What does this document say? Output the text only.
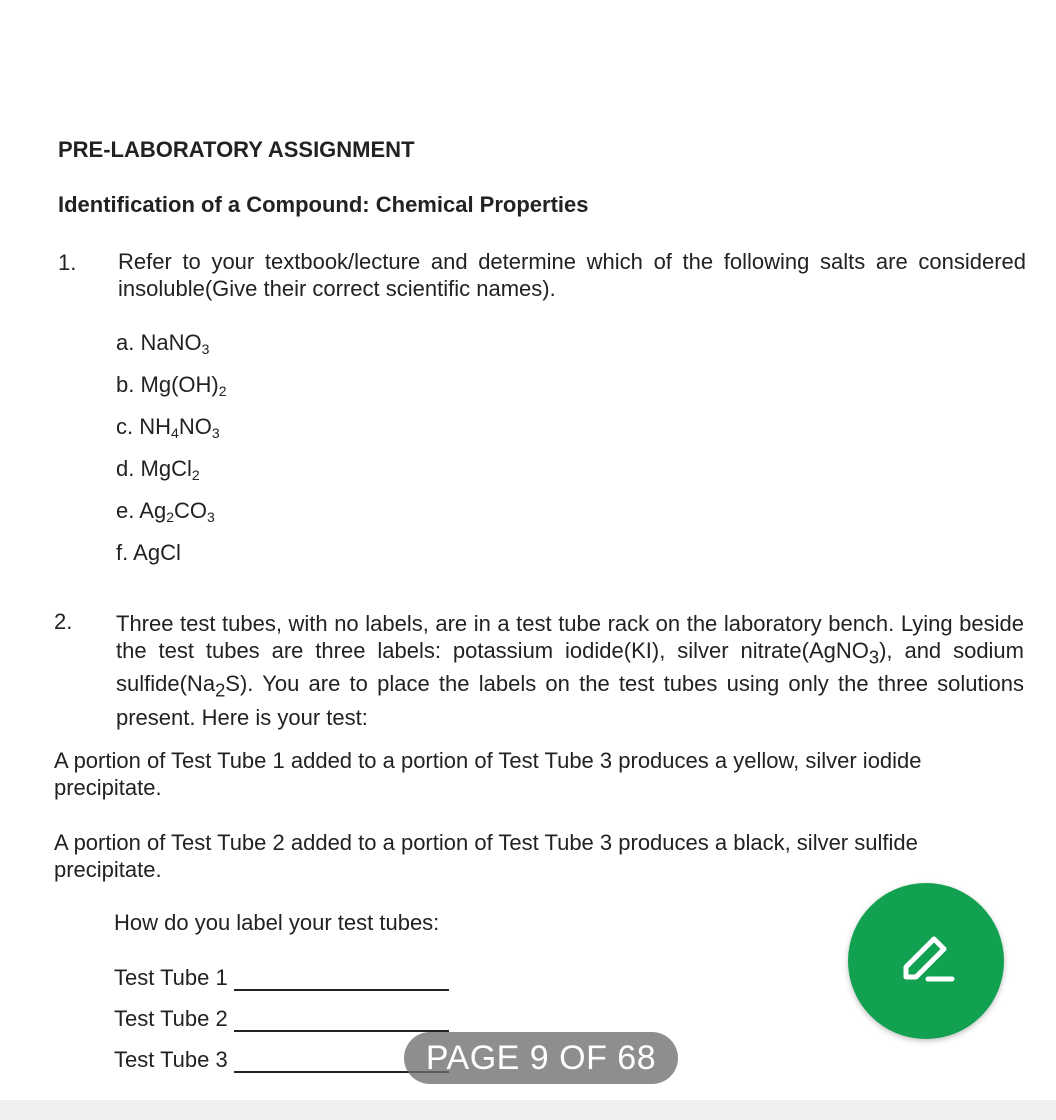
PRE-LABORATORY ASSIGNMENT
Identification of a Compound: Chemical Properties
1. Refer to your textbook/lecture and determine which of the following salts are considered insoluble(Give their correct scientific names).
a. NaNO$_3$
b. $Mg(OH)_2$
c. $NH_4NO_3$
d. MgCl$_2$
e. $Ag_2CO_3$
f. AgCl
2. Three test tubes, with no labels, are in a test tube rack on the laboratory bench. Lying beside the test tubes are three labels: potassium iodide(KI), silver nitrate(AgNO$_3$), and sodium $sulfide(Na_2S)$. You are to place the labels on the test tubes using only the three solutions present. Here is your test:
A portion of Test Tube 1 added to a portion of Test Tube 3 produces a yellow, silver iodide precipitate.
A portion of Test Tube 2 added to a portion of Test Tube 3 produces a black, silver sulfide precipitate.
How do you label your test tubes:
Test Tube 1
Test Tube 2
Test Tube 3	PAGE 9 OF 68
